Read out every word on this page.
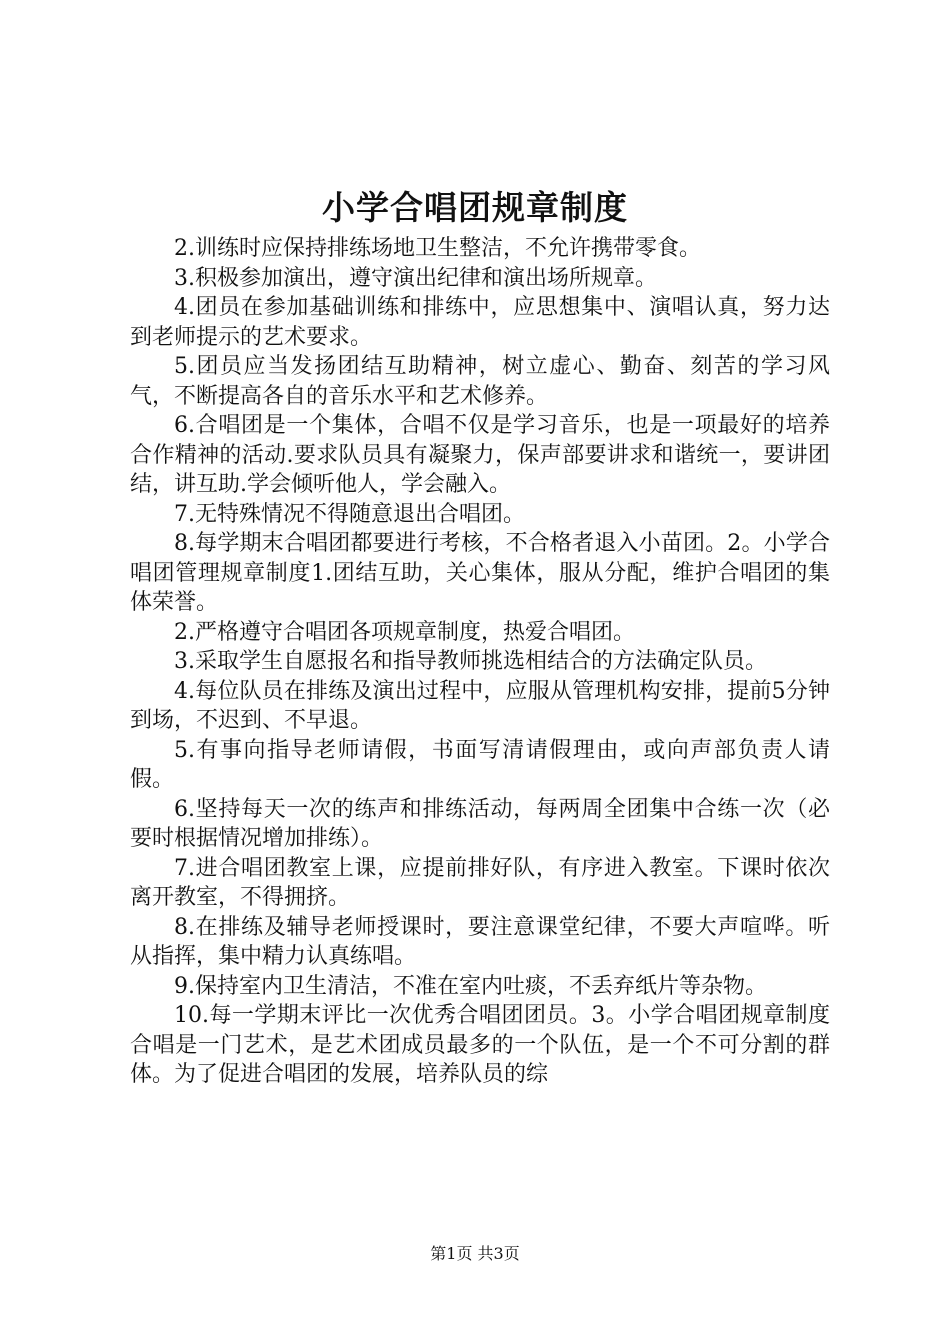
小学合唱团规章制度

2.训练时应保持排练场地卫生整洁，不允许携带零食。

3.积极参加演出，遵守演出纪律和演出场所规章。

4.团员在参加基础训练和排练中，应思想集中、演唱认真，努力达到老师提示的艺术要求。

5.团员应当发扬团结互助精神，树立虚心、勤奋、刻苦的学习风气，不断提高各自的音乐水平和艺术修养。

6.合唱团是一个集体，合唱不仅是学习音乐，也是一项最好的培养合作精神的活动.要求队员具有凝聚力，保声部要讲求和谐统一，要讲团结，讲互助.学会倾听他人，学会融入。

7.无特殊情况不得随意退出合唱团。

8.每学期末合唱团都要进行考核，不合格者退入小苗团。2。小学合唱团管理规章制度1.团结互助，关心集体，服从分配，维护合唱团的集体荣誉。

2.严格遵守合唱团各项规章制度，热爱合唱团。

3.采取学生自愿报名和指导教师挑选相结合的方法确定队员。

4.每位队员在排练及演出过程中，应服从管理机构安排，提前5分钟到场，不迟到、不早退。

5.有事向指导老师请假，书面写清请假理由，或向声部负责人请假。

6.坚持每天一次的练声和排练活动，每两周全团集中合练一次（必要时根据情况增加排练）。

7.进合唱团教室上课，应提前排好队，有序进入教室。下课时依次离开教室，不得拥挤。

8.在排练及辅导老师授课时，要注意课堂纪律，不要大声喧哗。听从指挥，集中精力认真练唱。

9.保持室内卫生清洁，不准在室内吐痰，不丢弃纸片等杂物。

10.每一学期末评比一次优秀合唱团团员。3。小学合唱团规章制度合唱是一门艺术，是艺术团成员最多的一个队伍，是一个不可分割的群体。为了促进合唱团的发展，培养队员的综

第1页 共3页
